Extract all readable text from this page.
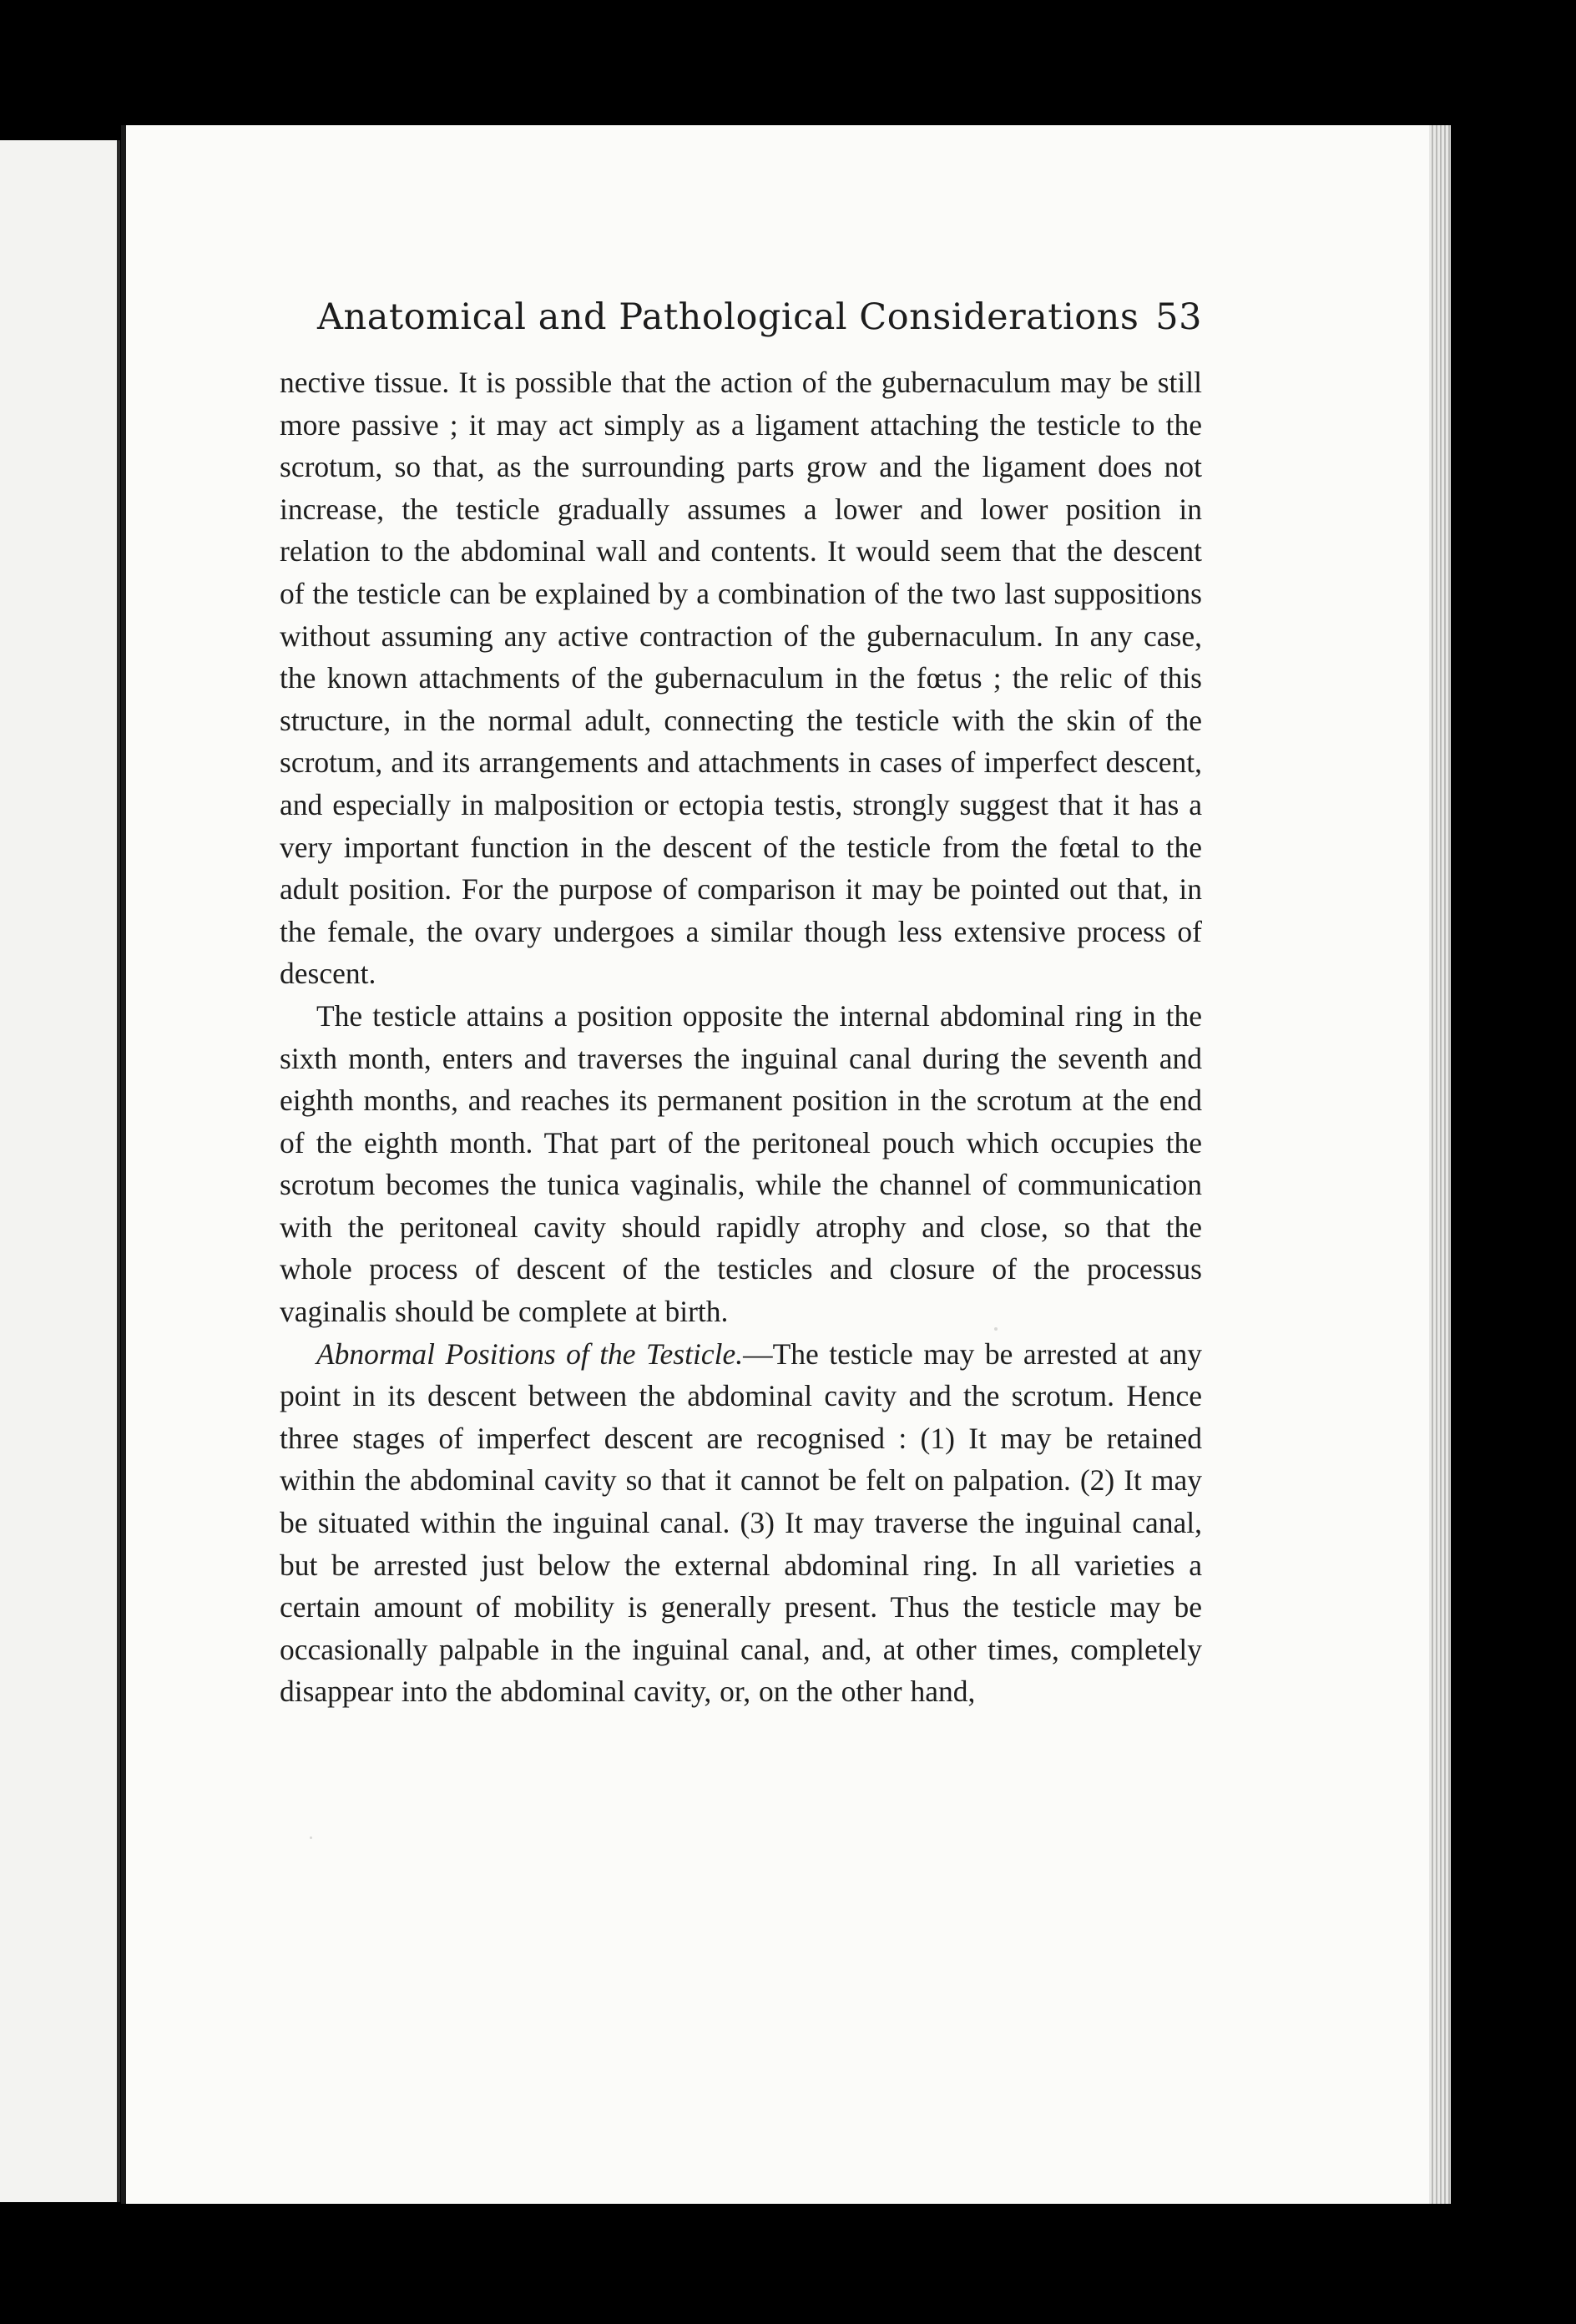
Anatomical and Pathological Considerations 53

nective tissue. It is possible that the action of the gubernaculum may be still more passive ; it may act simply as a ligament attaching the testicle to the scrotum, so that, as the surrounding parts grow and the ligament does not increase, the testicle gradually assumes a lower and lower position in relation to the abdominal wall and contents. It would seem that the descent of the testicle can be explained by a combination of the two last suppositions without assuming any active contraction of the gubernaculum. In any case, the known attachments of the gubernaculum in the fœtus ; the relic of this structure, in the normal adult, connecting the testicle with the skin of the scrotum, and its arrangements and attachments in cases of imperfect descent, and especially in malposition or ectopia testis, strongly suggest that it has a very important function in the descent of the testicle from the fœtal to the adult position. For the purpose of comparison it may be pointed out that, in the female, the ovary undergoes a similar though less extensive process of descent.

The testicle attains a position opposite the internal abdominal ring in the sixth month, enters and traverses the inguinal canal during the seventh and eighth months, and reaches its permanent position in the scrotum at the end of the eighth month. That part of the peritoneal pouch which occupies the scrotum becomes the tunica vaginalis, while the channel of communication with the peritoneal cavity should rapidly atrophy and close, so that the whole process of descent of the testicles and closure of the processus vaginalis should be complete at birth.

Abnormal Positions of the Testicle.—The testicle may be arrested at any point in its descent between the abdominal cavity and the scrotum. Hence three stages of imperfect descent are recognised : (1) It may be retained within the abdominal cavity so that it cannot be felt on palpation. (2) It may be situated within the inguinal canal. (3) It may traverse the inguinal canal, but be arrested just below the external abdominal ring. In all varieties a certain amount of mobility is generally present. Thus the testicle may be occasionally palpable in the inguinal canal, and, at other times, completely disappear into the abdominal cavity, or, on the other hand,
